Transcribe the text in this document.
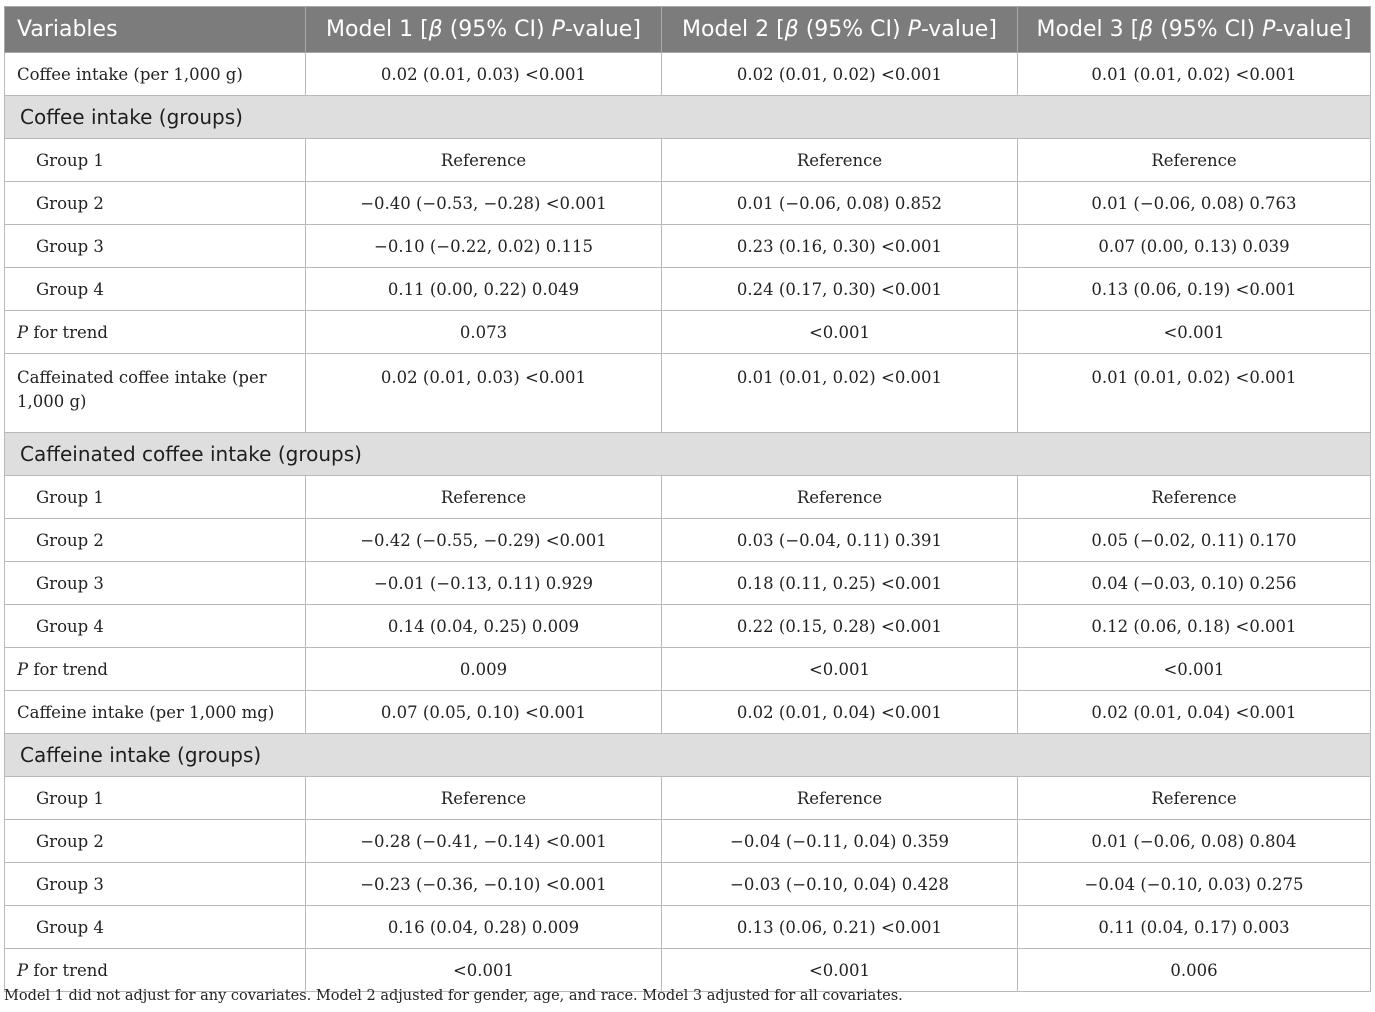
Variables	Model 1 [β (95% CI) P-value]	Model 2 [β (95% CI) P-value]	Model 3 [β (95% CI) P-value]
Coffee intake (per 1,000 g)	0.02 (0.01, 0.03) <0.001	0.02 (0.01, 0.02) <0.001	0.01 (0.01, 0.02) <0.001
Coffee intake (groups)			
Group 1	Reference	Reference	Reference
Group 2	−0.40 (−0.53, −0.28) <0.001	0.01 (−0.06, 0.08) 0.852	0.01 (−0.06, 0.08) 0.763
Group 3	−0.10 (−0.22, 0.02) 0.115	0.23 (0.16, 0.30) <0.001	0.07 (0.00, 0.13) 0.039
Group 4	0.11 (0.00, 0.22) 0.049	0.24 (0.17, 0.30) <0.001	0.13 (0.06, 0.19) <0.001
P for trend	0.073	<0.001	<0.001
Caffeinated coffee intake (per 1,000 g)	0.02 (0.01, 0.03) <0.001	0.01 (0.01, 0.02) <0.001	0.01 (0.01, 0.02) <0.001
Caffeinated coffee intake (groups)			
Group 1	Reference	Reference	Reference
Group 2	−0.42 (−0.55, −0.29) <0.001	0.03 (−0.04, 0.11) 0.391	0.05 (−0.02, 0.11) 0.170
Group 3	−0.01 (−0.13, 0.11) 0.929	0.18 (0.11, 0.25) <0.001	0.04 (−0.03, 0.10) 0.256
Group 4	0.14 (0.04, 0.25) 0.009	0.22 (0.15, 0.28) <0.001	0.12 (0.06, 0.18) <0.001
P for trend	0.009	<0.001	<0.001
Caffeine intake (per 1,000 mg)	0.07 (0.05, 0.10) <0.001	0.02 (0.01, 0.04) <0.001	0.02 (0.01, 0.04) <0.001
Caffeine intake (groups)			
Group 1	Reference	Reference	Reference
Group 2	−0.28 (−0.41, −0.14) <0.001	−0.04 (−0.11, 0.04) 0.359	0.01 (−0.06, 0.08) 0.804
Group 3	−0.23 (−0.36, −0.10) <0.001	−0.03 (−0.10, 0.04) 0.428	−0.04 (−0.10, 0.03) 0.275
Group 4	0.16 (0.04, 0.28) 0.009	0.13 (0.06, 0.21) <0.001	0.11 (0.04, 0.17) 0.003
P for trend	<0.001	<0.001	0.006

Model 1 did not adjust for any covariates. Model 2 adjusted for gender, age, and race. Model 3 adjusted for all covariates.
